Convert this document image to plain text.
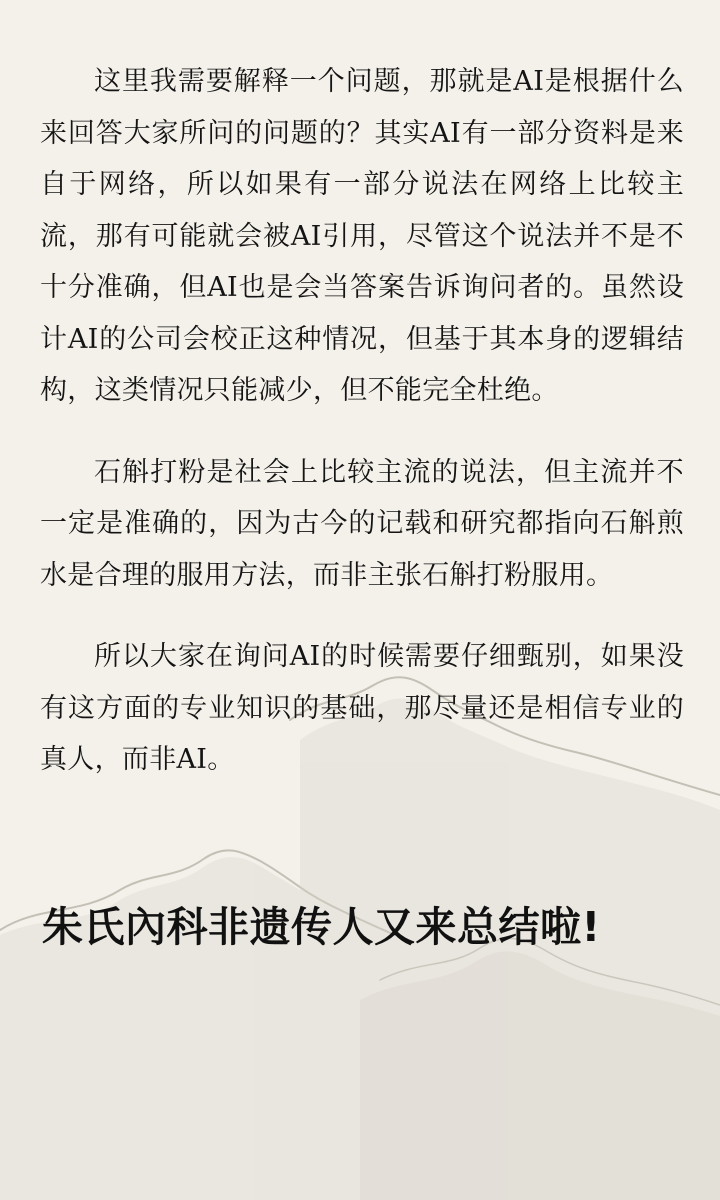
这里我需要解释一个问题，那就是AI是根据什么来回答大家所问的问题的？其实AI有一部分资料是来自于网络，所以如果有一部分说法在网络上比较主流，那有可能就会被AI引用，尽管这个说法并不是不十分准确，但AI也是会当答案告诉询问者的。虽然设计AI的公司会校正这种情况，但基于其本身的逻辑结构，这类情况只能减少，但不能完全杜绝。

石斛打粉是社会上比较主流的说法，但主流并不一定是准确的，因为古今的记载和研究都指向石斛煎水是合理的服用方法，而非主张石斛打粉服用。

所以大家在询问AI的时候需要仔细甄别，如果没有这方面的专业知识的基础，那尽量还是相信专业的真人，而非AI。

朱氏內科非遗传人又来总结啦!
